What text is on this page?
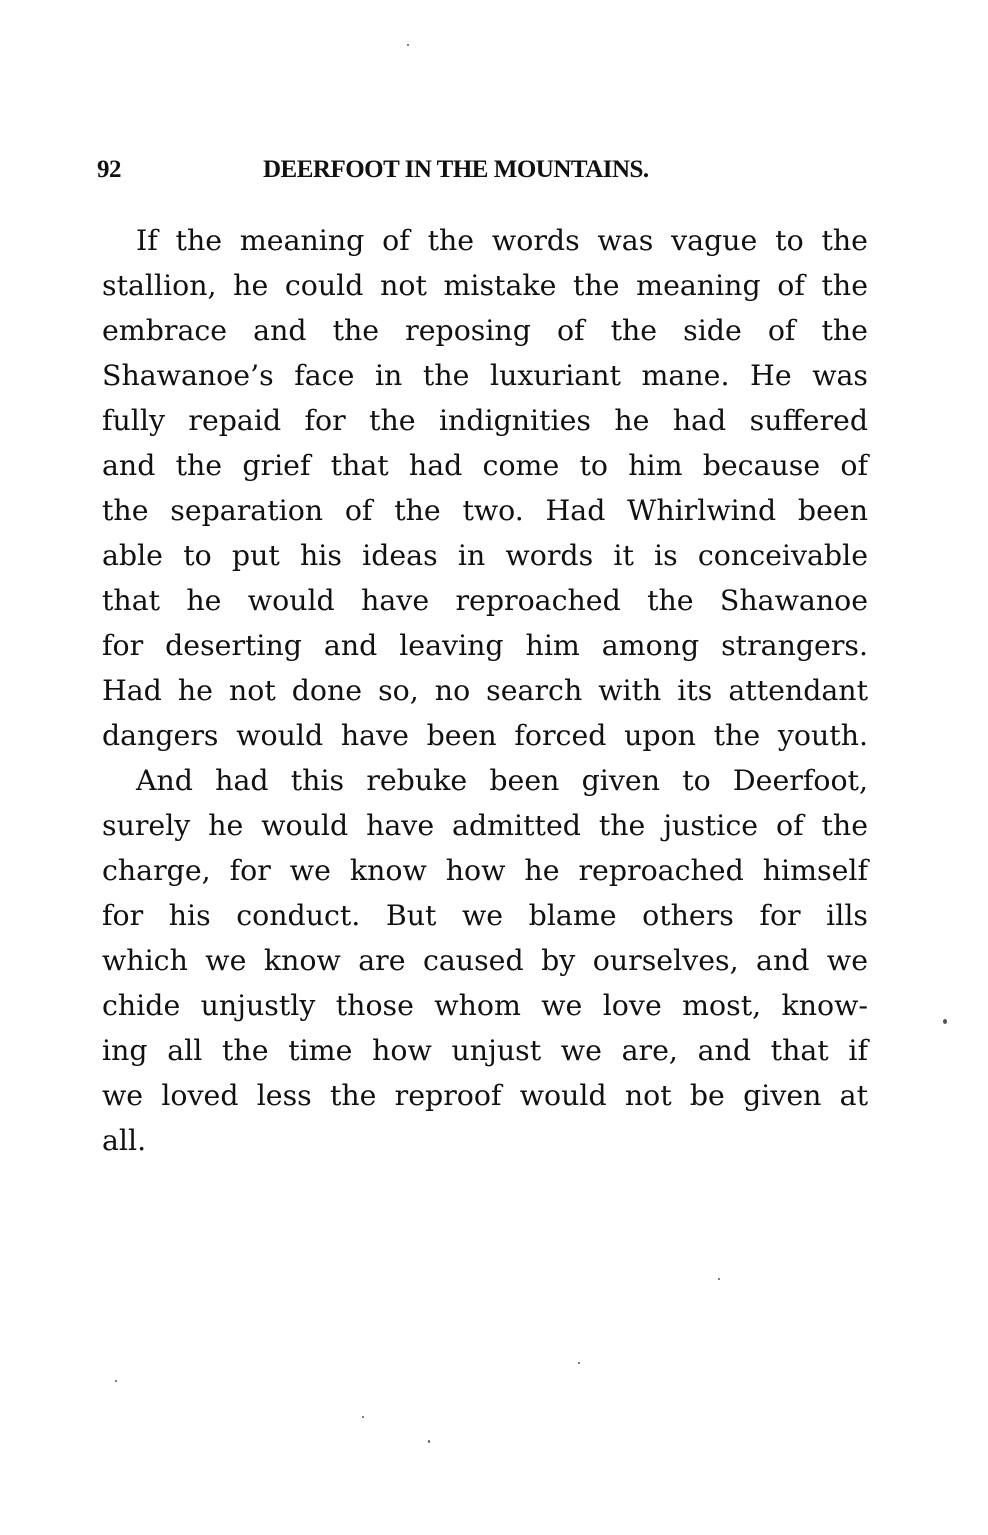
92	DEERFOOT IN THE MOUNTAINS.
If the meaning of the words was vague to the
stallion, he could not mistake the meaning of the
embrace and the reposing of the side of the
Shawanoe’s face in the luxuriant mane. He was
fully repaid for the indignities he had suffered
and the grief that had come to him because of
the separation of the two. Had Whirlwind been
able to put his ideas in words it is conceivable
that he would have reproached the Shawanoe
for deserting and leaving him among strangers.
Had he not done so, no search with its attendant
dangers would have been forced upon the youth.
And had this rebuke been given to Deerfoot,
surely he would have admitted the justice of the
charge, for we know how he reproached himself
for his conduct. But we blame others for ills
which we know are caused by ourselves, and we
chide unjustly those whom we love most, know-
ing all the time how unjust we are, and that if
we loved less the reproof would not be given at
all.
